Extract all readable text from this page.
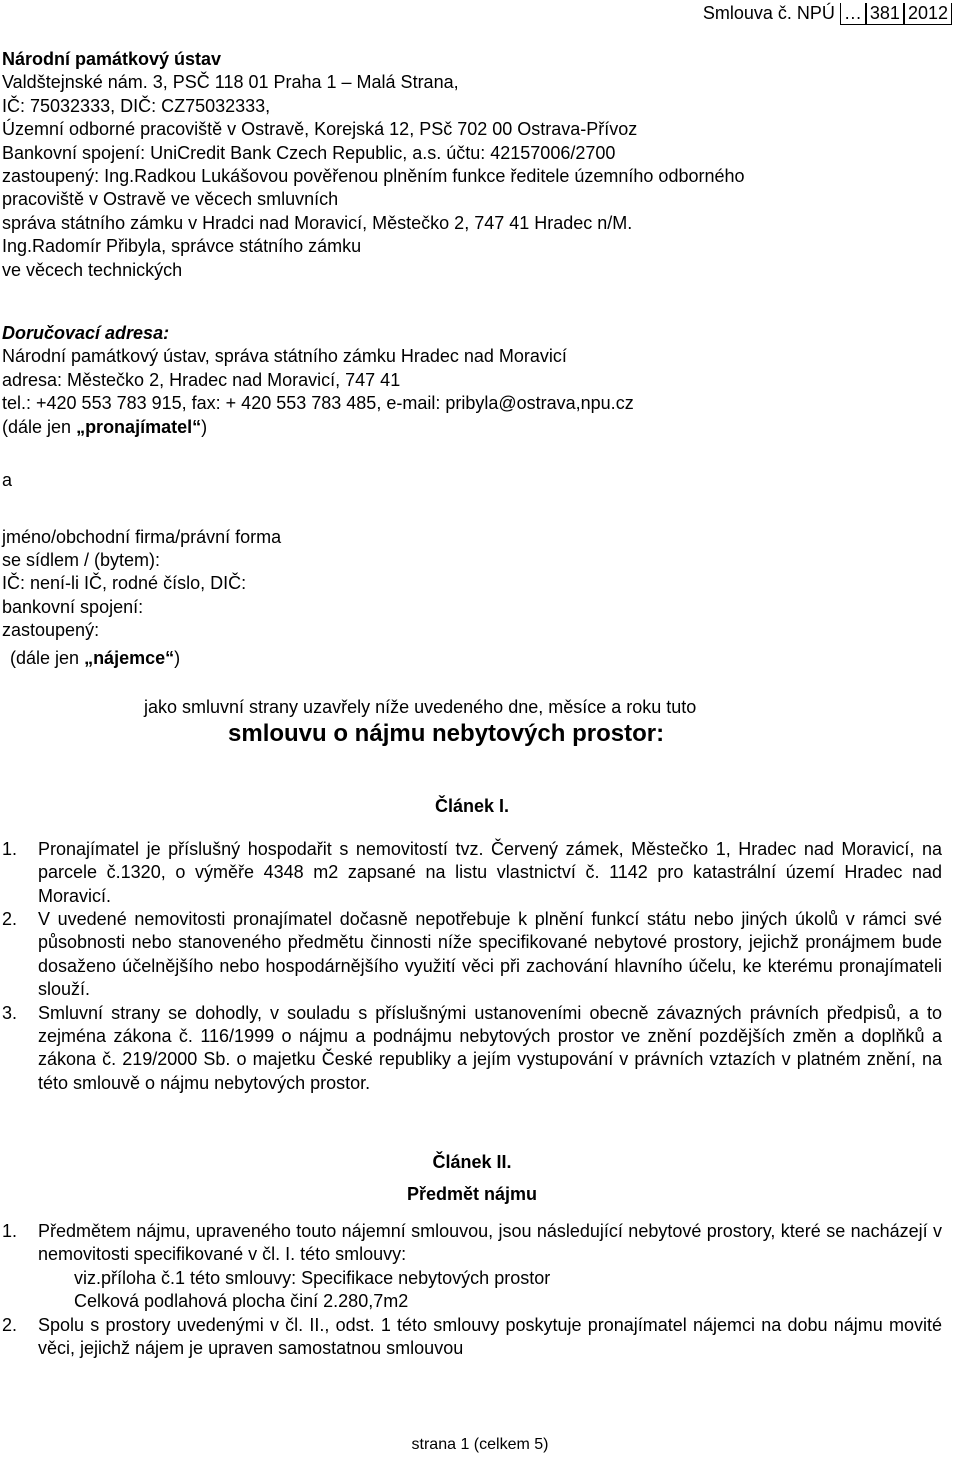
Smlouva č. NPÚ … 381 2012
Národní památkový ústav
Valdštejnské nám. 3, PSČ 118 01 Praha 1 – Malá Strana,
IČ: 75032333, DIČ: CZ75032333,
Územní odborné pracoviště v Ostravě, Korejská 12, PSč 702 00 Ostrava-Přívoz
Bankovní spojení: UniCredit Bank Czech Republic, a.s. účtu: 42157006/2700
zastoupený: Ing.Radkou Lukášovou pověřenou plněním funkce ředitele územního odborného
pracoviště v Ostravě ve věcech smluvních
správa státního zámku v Hradci nad Moravicí, Městečko 2, 747 41 Hradec n/M.
Ing.Radomír Přibyla, správce státního zámku
ve věcech technických
Doručovací adresa:
Národní památkový ústav, správa státního zámku Hradec nad Moravicí
adresa: Městečko 2, Hradec nad Moravicí, 747 41
tel.: +420 553 783 915, fax: + 420 553 783 485, e-mail: pribyla@ostrava,npu.cz
(dále jen „pronajímatel“)
a
jméno/obchodní firma/právní forma
se sídlem / (bytem):
IČ: není-li IČ, rodné číslo, DIČ:
bankovní spojení:
zastoupený:
(dále jen „nájemce“)
jako smluvní strany uzavřely níže uvedeného dne, měsíce a roku tuto
smlouvu o nájmu nebytových prostor:
Článek I.
1. Pronajímatel je příslušný hospodařit s nemovitostí tvz. Červený zámek, Městečko 1, Hradec nad Moravicí, na parcele č.1320, o výměře 4348 m2 zapsané na listu vlastnictví č. 1142 pro katastrální území Hradec nad Moravicí.
2. V uvedené nemovitosti pronajímatel dočasně nepotřebuje k plnění funkcí státu nebo jiných úkolů v rámci své působnosti nebo stanoveného předmětu činnosti níže specifikované nebytové prostory, jejichž pronájmem bude dosaženo účelnějšího nebo hospodárnějšího využití věci při zachování hlavního účelu, ke kterému pronajímateli slouží.
3. Smluvní strany se dohodly, v souladu s příslušnými ustanoveními obecně závazných právních předpisů, a to zejména zákona č. 116/1999 o nájmu a podnájmu nebytových prostor ve znění pozdějších změn a doplňků a zákona č. 219/2000 Sb. o majetku České republiky a jejím vystupování v právních vztazích v platném znění, na této smlouvě o nájmu nebytových prostor.
Článek II.
Předmět nájmu
1. Předmětem nájmu, upraveného touto nájemní smlouvou, jsou následující nebytové prostory, které se nacházejí v nemovitosti specifikované v čl. I. této smlouvy:
viz.příloha č.1 této smlouvy: Specifikace nebytových prostor
Celková podlahová plocha činí 2.280,7m2
2. Spolu s prostory uvedenými v čl. II., odst. 1 této smlouvy poskytuje pronajímatel nájemci na dobu nájmu movité věci, jejichž nájem je upraven samostatnou smlouvou
strana 1 (celkem 5)
